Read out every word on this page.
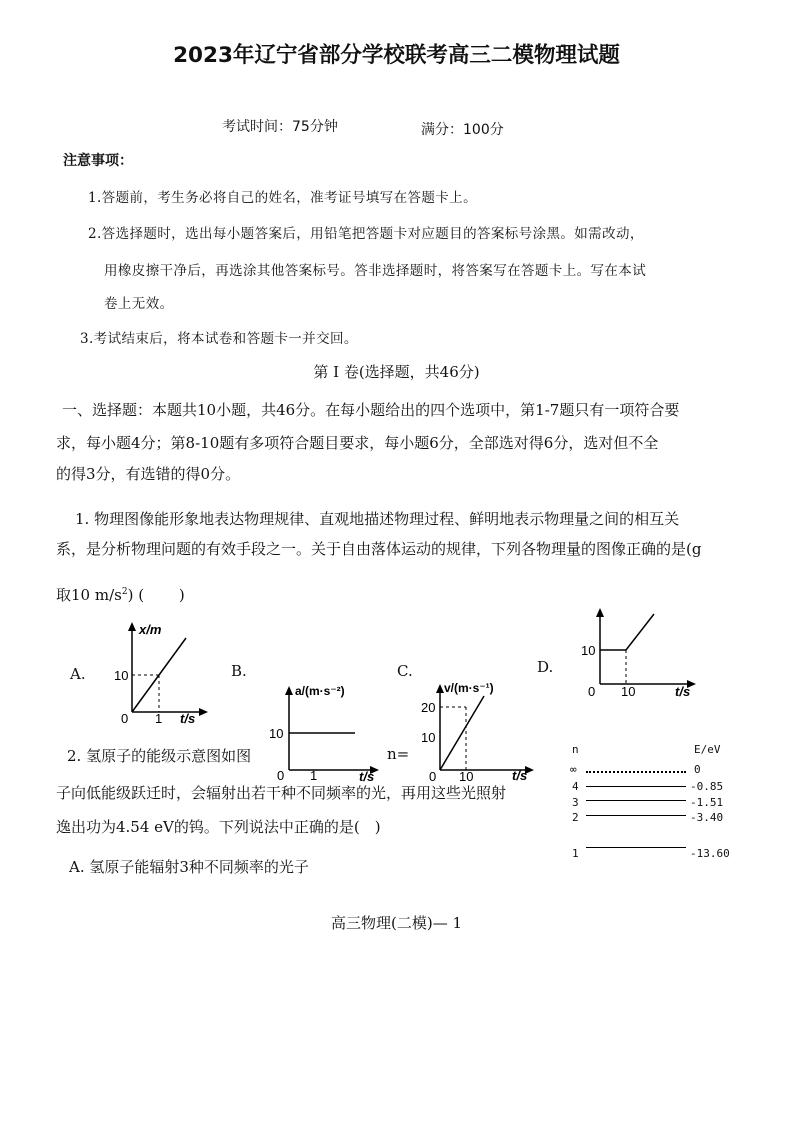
2023年辽宁省部分学校联考高三二模物理试题
考试时间：75分钟	满分：100分
注意事项：
1.答题前，考生务必将自己的姓名，准考证号填写在答题卡上。
2.答选择题时，选出每小题答案后，用铅笔把答题卡对应题目的答案标号涂黑。如需改动，
用橡皮擦干净后，再选涂其他答案标号。答非选择题时，将答案写在答题卡上。写在本试
卷上无效。
3.考试结束后，将本试卷和答题卡一并交回。
第 I 卷(选择题，共46分)
一、选择题：本题共10小题，共46分。在每小题给出的四个选项中，第1-7题只有一项符合要
求，每小题4分；第8-10题有多项符合题目要求，每小题6分，全部选对得6分，选对但不全
的得3分，有选错的得0分。
1. 物理图像能形象地表达物理规律、直观地描述物理过程、鲜明地表示物理量之间的相互关
系，是分析物理问题的有效手段之一。关于自由落体运动的规律，下列各物理量的图像正确的是(g
取10 $m/s^2$) (　　 )
A.	B.	C.	D.
x/m
10
1
0	t/s
a/(m·s⁻²)
10
1
0	t/s
v/(m·s⁻¹)
20
10
10
0	t/s
10
10
0	t/s
2. 氢原子的能级示意图如图	n=
子向低能级跃迁时，会辐射出若干种不同频率的光，再用这些光照射
逸出功为4.54 eV的钨。下列说法中正确的是(　)
A. 氢原子能辐射3种不同频率的光子
n	E/eV
∞	0
4	-0.85
3	-1.51
2	-3.40
1	-13.60
高三物理(二模)— 1
